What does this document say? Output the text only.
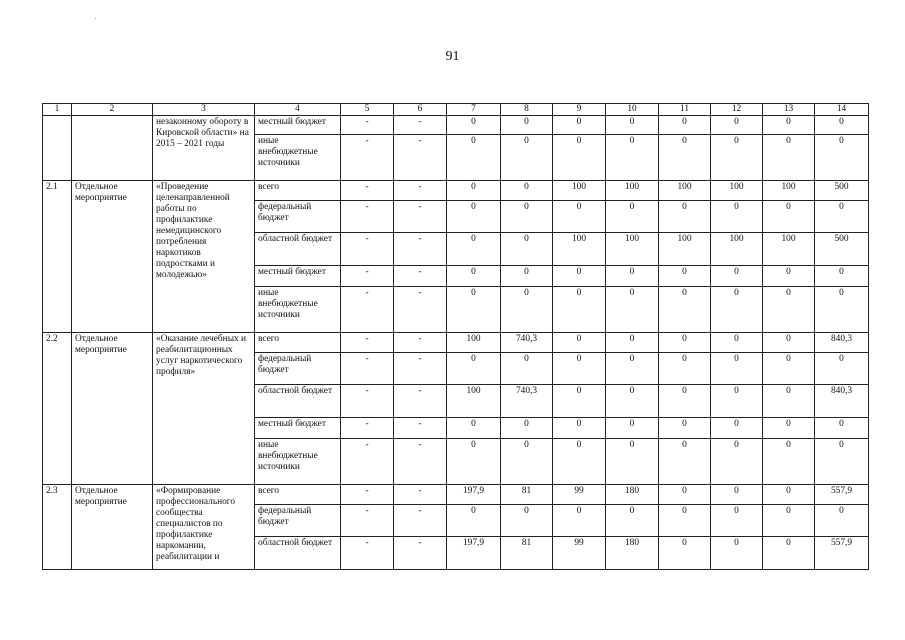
91
1	2	3	4	5	6	7	8	9	10	11	12	13	14
		незаконному обороту в Кировской области» на 2015 – 2021 годы	местный бюджет	-	-	0	0	0	0	0	0	0	0
			иные внебюджетные источники	-	-	0	0	0	0	0	0	0	0
2.1	Отдельное мероприятие	«Проведение целенаправленной работы по профилактике немедицинского потребления наркотиков подростками и молодежью»	всего	-	-	0	0	100	100	100	100	100	500
			федеральный бюджет	-	-	0	0	0	0	0	0	0	0
			областной бюджет	-	-	0	0	100	100	100	100	100	500
			местный бюджет	-	-	0	0	0	0	0	0	0	0
			иные внебюджетные источники	-	-	0	0	0	0	0	0	0	0
2.2	Отдельное мероприятие	«Оказание лечебных и реабилитационных услуг наркотического профиля»	всего	-	-	100	740,3	0	0	0	0	0	840,3
			федеральный бюджет	-	-	0	0	0	0	0	0	0	0
			областной бюджет	-	-	100	740,3	0	0	0	0	0	840,3
			местный бюджет	-	-	0	0	0	0	0	0	0	0
			иные внебюджетные источники	-	-	0	0	0	0	0	0	0	0
2.3	Отдельное мероприятие	«Формирование профессионального сообщества специалистов по профилактике наркомании, реабилитации и	всего	-	-	197,9	81	99	180	0	0	0	557,9
			федеральный бюджет	-	-	0	0	0	0	0	0	0	0
			областной бюджет	-	-	197,9	81	99	180	0	0	0	557,9
